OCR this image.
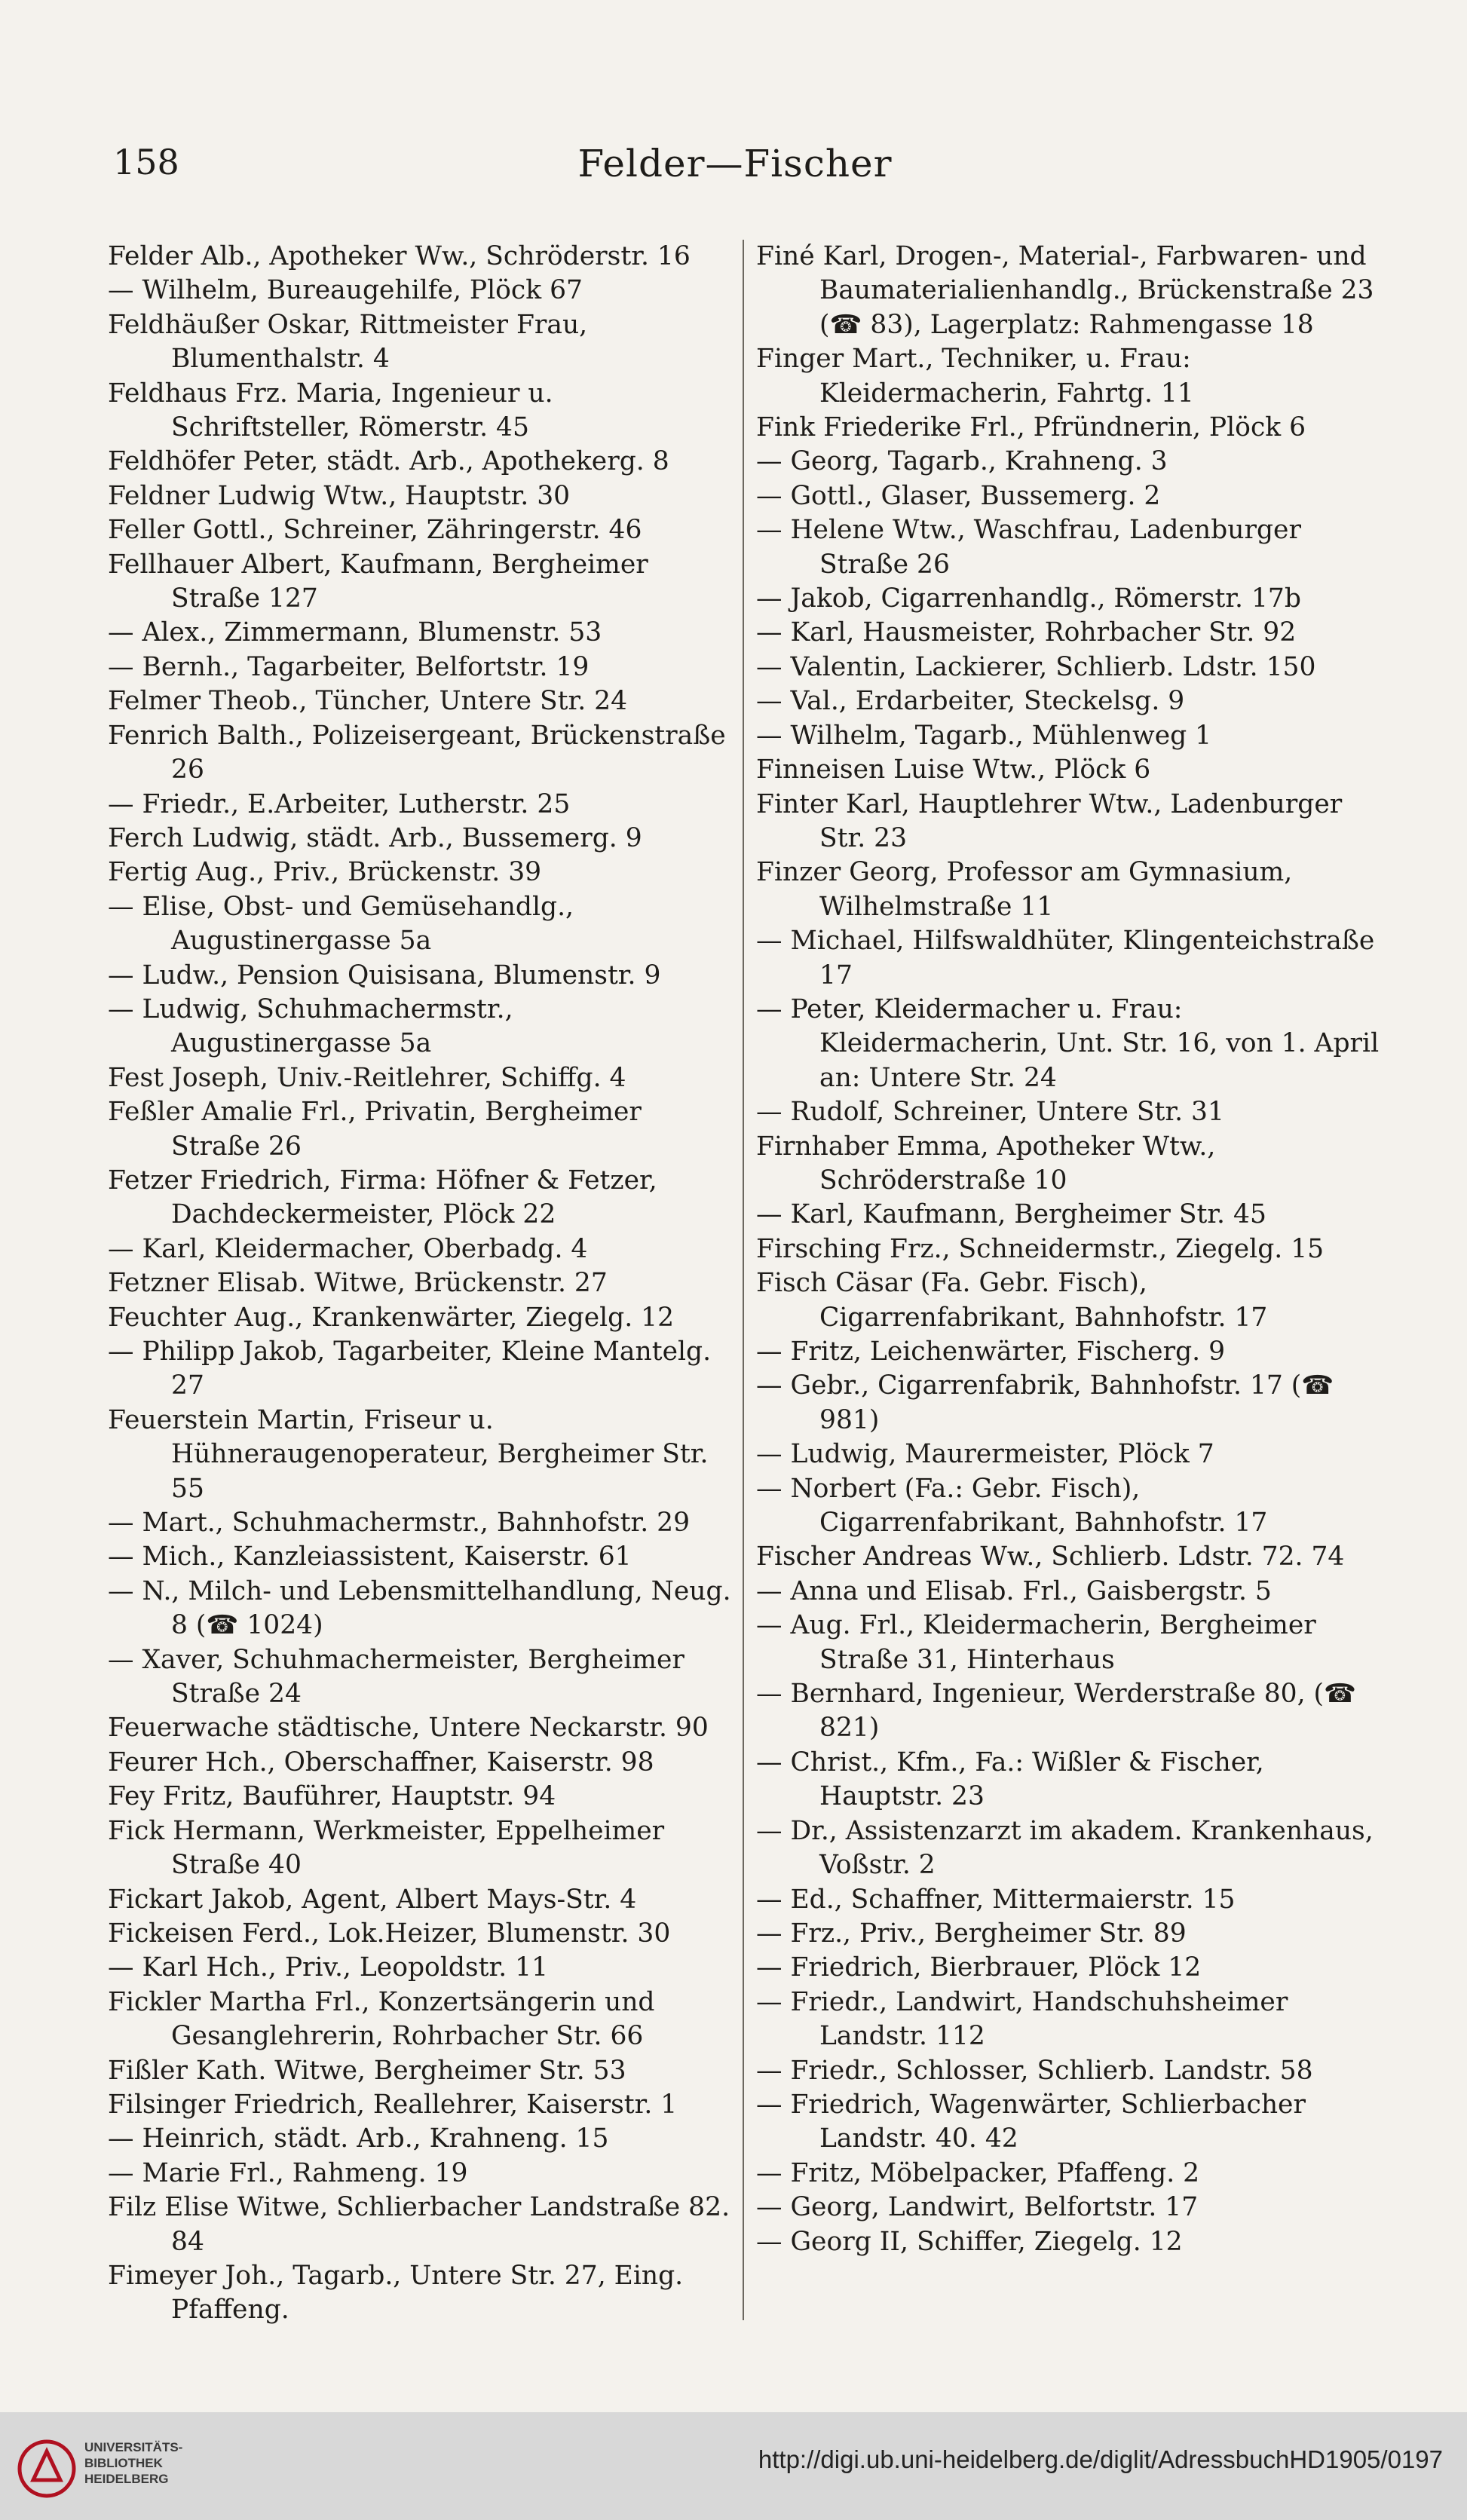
158	Felder—Fischer
Felder Alb., Apotheker Ww., Schröderstr. 16
— Wilhelm, Bureaugehilfe, Plöck 67
Feldhäußer Oskar, Rittmeister Frau, Blumenthalstr. 4
Feldhaus Frz. Maria, Ingenieur u. Schriftsteller, Römerstr. 45
Feldhöfer Peter, städt. Arb., Apothekerg. 8
Feldner Ludwig Wtw., Hauptstr. 30
Feller Gottl., Schreiner, Zähringerstr. 46
Fellhauer Albert, Kaufmann, Bergheimer Straße 127
— Alex., Zimmermann, Blumenstr. 53
— Bernh., Tagarbeiter, Belfortstr. 19
Felmer Theob., Tüncher, Untere Str. 24
Fenrich Balth., Polizeisergeant, Brückenstraße 26
— Friedr., E.Arbeiter, Lutherstr. 25
Ferch Ludwig, städt. Arb., Bussemerg. 9
Fertig Aug., Priv., Brückenstr. 39
— Elise, Obst- und Gemüsehandlg., Augustinergasse 5a
— Ludw., Pension Quisisana, Blumenstr. 9
— Ludwig, Schuhmachermstr., Augustinergasse 5a
Fest Joseph, Univ.-Reitlehrer, Schiffg. 4
Feßler Amalie Frl., Privatin, Bergheimer Straße 26
Fetzer Friedrich, Firma: Höfner & Fetzer, Dachdeckermeister, Plöck 22
— Karl, Kleidermacher, Oberbadg. 4
Fetzner Elisab. Witwe, Brückenstr. 27
Feuchter Aug., Krankenwärter, Ziegelg. 12
— Philipp Jakob, Tagarbeiter, Kleine Mantelg. 27
Feuerstein Martin, Friseur u. Hühneraugenoperateur, Bergheimer Str. 55
— Mart., Schuhmachermstr., Bahnhofstr. 29
— Mich., Kanzleiassistent, Kaiserstr. 61
— N., Milch- und Lebensmittelhandlung, Neug. 8 (☎ 1024)
— Xaver, Schuhmachermeister, Bergheimer Straße 24
Feuerwache städtische, Untere Neckarstr. 90
Feurer Hch., Oberschaffner, Kaiserstr. 98
Fey Fritz, Bauführer, Hauptstr. 94
Fick Hermann, Werkmeister, Eppelheimer Straße 40
Fickart Jakob, Agent, Albert Mays-Str. 4
Fickeisen Ferd., Lok.Heizer, Blumenstr. 30
— Karl Hch., Priv., Leopoldstr. 11
Fickler Martha Frl., Konzertsängerin und Gesanglehrerin, Rohrbacher Str. 66
Fißler Kath. Witwe, Bergheimer Str. 53
Filsinger Friedrich, Reallehrer, Kaiserstr. 1
— Heinrich, städt. Arb., Krahneng. 15
— Marie Frl., Rahmeng. 19
Filz Elise Witwe, Schlierbacher Landstraße 82. 84
Fimeyer Joh., Tagarb., Untere Str. 27, Eing. Pfaffeng.
Finé Karl, Drogen-, Material-, Farbwaren- und Baumaterialienhandlg., Brückenstraße 23 (☎ 83), Lagerplatz: Rahmengasse 18
Finger Mart., Techniker, u. Frau: Kleidermacherin, Fahrtg. 11
Fink Friederike Frl., Pfründnerin, Plöck 6
— Georg, Tagarb., Krahneng. 3
— Gottl., Glaser, Bussemerg. 2
— Helene Wtw., Waschfrau, Ladenburger Straße 26
— Jakob, Cigarrenhandlg., Römerstr. 17b
— Karl, Hausmeister, Rohrbacher Str. 92
— Valentin, Lackierer, Schlierb. Ldstr. 150
— Val., Erdarbeiter, Steckelsg. 9
— Wilhelm, Tagarb., Mühlenweg 1
Finneisen Luise Wtw., Plöck 6
Finter Karl, Hauptlehrer Wtw., Ladenburger Str. 23
Finzer Georg, Professor am Gymnasium, Wilhelmstraße 11
— Michael, Hilfswaldhüter, Klingenteichstraße 17
— Peter, Kleidermacher u. Frau: Kleidermacherin, Unt. Str. 16, von 1. April an: Untere Str. 24
— Rudolf, Schreiner, Untere Str. 31
Firnhaber Emma, Apotheker Wtw., Schröderstraße 10
— Karl, Kaufmann, Bergheimer Str. 45
Firsching Frz., Schneidermstr., Ziegelg. 15
Fisch Cäsar (Fa. Gebr. Fisch), Cigarrenfabrikant, Bahnhofstr. 17
— Fritz, Leichenwärter, Fischerg. 9
— Gebr., Cigarrenfabrik, Bahnhofstr. 17 (☎ 981)
— Ludwig, Maurermeister, Plöck 7
— Norbert (Fa.: Gebr. Fisch), Cigarrenfabrikant, Bahnhofstr. 17
Fischer Andreas Ww., Schlierb. Ldstr. 72. 74
— Anna und Elisab. Frl., Gaisbergstr. 5
— Aug. Frl., Kleidermacherin, Bergheimer Straße 31, Hinterhaus
— Bernhard, Ingenieur, Werderstraße 80, (☎ 821)
— Christ., Kfm., Fa.: Wißler & Fischer, Hauptstr. 23
— Dr., Assistenzarzt im akadem. Krankenhaus, Voßstr. 2
— Ed., Schaffner, Mittermaierstr. 15
— Frz., Priv., Bergheimer Str. 89
— Friedrich, Bierbrauer, Plöck 12
— Friedr., Landwirt, Handschuhsheimer Landstr. 112
— Friedr., Schlosser, Schlierb. Landstr. 58
— Friedrich, Wagenwärter, Schlierbacher Landstr. 40. 42
— Fritz, Möbelpacker, Pfaffeng. 2
— Georg, Landwirt, Belfortstr. 17
— Georg II, Schiffer, Ziegelg. 12
UNIVERSITÄTS-
BIBLIOTHEK
HEIDELBERG
http://digi.ub.uni-heidelberg.de/diglit/AdressbuchHD1905/0197
